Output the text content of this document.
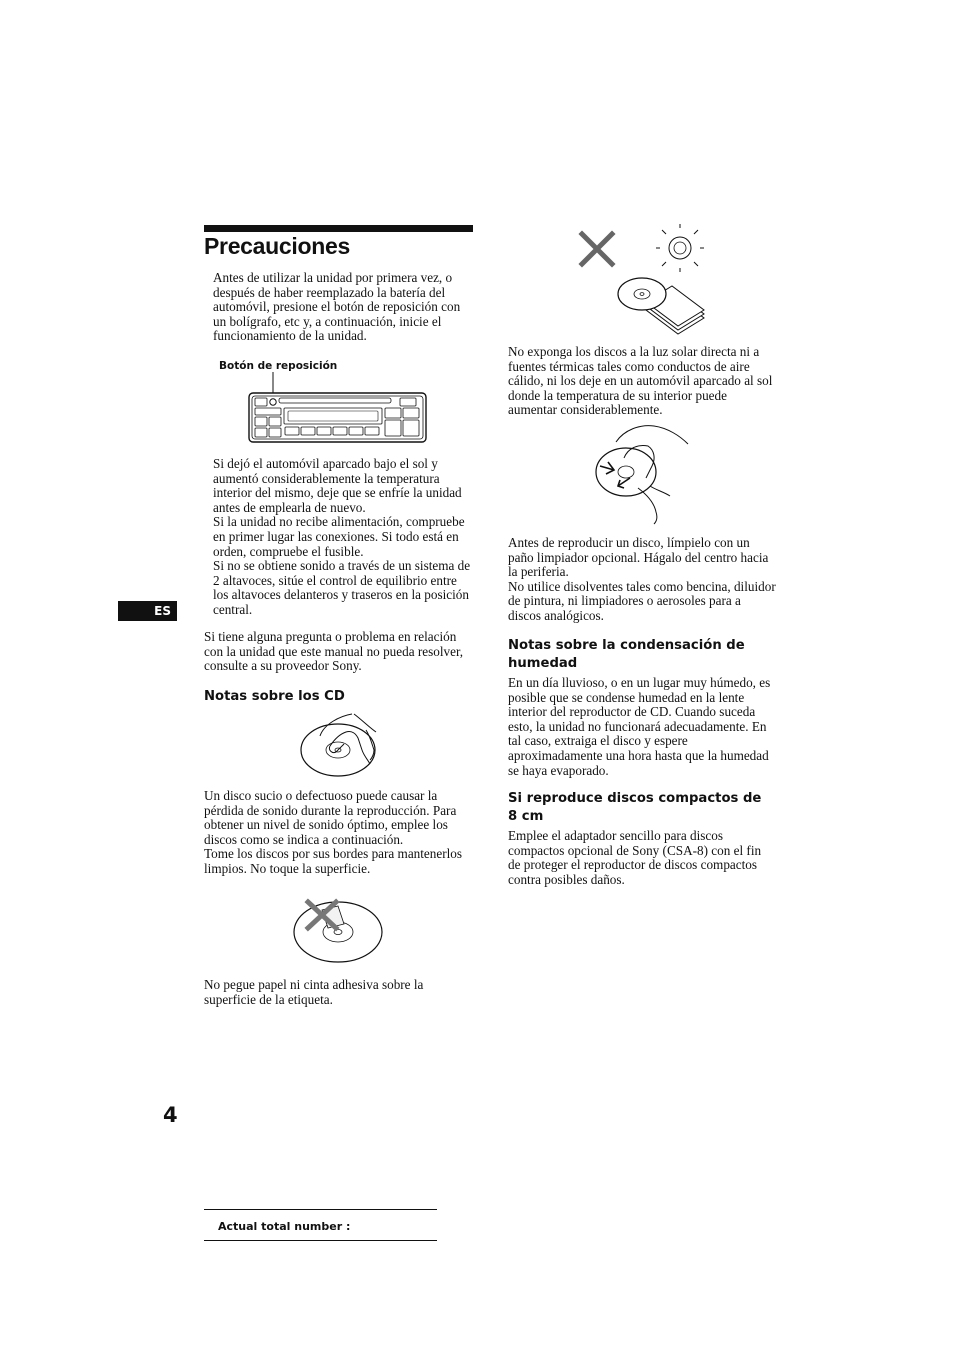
Precauciones

Antes de utilizar la unidad por primera vez, o después de haber reemplazado la batería del automóvil, presione el botón de reposición con un bolígrafo, etc y, a continuación, inicie el funcionamiento de la unidad.

Botón de reposición

Si dejó el automóvil aparcado bajo el sol y aumentó considerablemente la temperatura interior del mismo, deje que se enfríe la unidad antes de emplearla de nuevo.

Si la unidad no recibe alimentación, compruebe en primer lugar las conexiones. Si todo está en orden, compruebe el fusible.

Si no se obtiene sonido a través de un sistema de 2 altavoces, sitúe el control de equilibrio entre los altavoces delanteros y traseros en la posición central.

ES

Si tiene alguna pregunta o problema en relación con la unidad que este manual no pueda resolver, consulte a su proveedor Sony.

Notas sobre los CD

Un disco sucio o defectuoso puede causar la pérdida de sonido durante la reproducción. Para obtener un nivel de sonido óptimo, emplee los discos como se indica a continuación.

Tome los discos por sus bordes para mantenerlos limpios. No toque la superficie.

No pegue papel ni cinta adhesiva sobre la superficie de la etiqueta.

No exponga los discos a la luz solar directa ni a fuentes térmicas tales como conductos de aire cálido, ni los deje en un automóvil aparcado al sol donde la temperatura de su interior puede aumentar considerablemente.

Antes de reproducir un disco, límpielo con un paño limpiador opcional. Hágalo del centro hacia la periferia.

No utilice disolventes tales como bencina, diluidor de pintura, ni limpiadores o aerosoles para a discos analógicos.

Notas sobre la condensación de humedad

En un día lluvioso, o en un lugar muy húmedo, es posible que se condense humedad en la lente interior del reproductor de CD. Cuando suceda esto, la unidad no funcionará adecuadamente. En tal caso, extraiga el disco y espere aproximadamente una hora hasta que la humedad se haya evaporado.

Si reproduce discos compactos de 8 cm

Emplee el adaptador sencillo para discos compactos opcional de Sony (CSA-8) con el fin de proteger el reproductor de discos compactos contra posibles daños.

4
Actual total number :
